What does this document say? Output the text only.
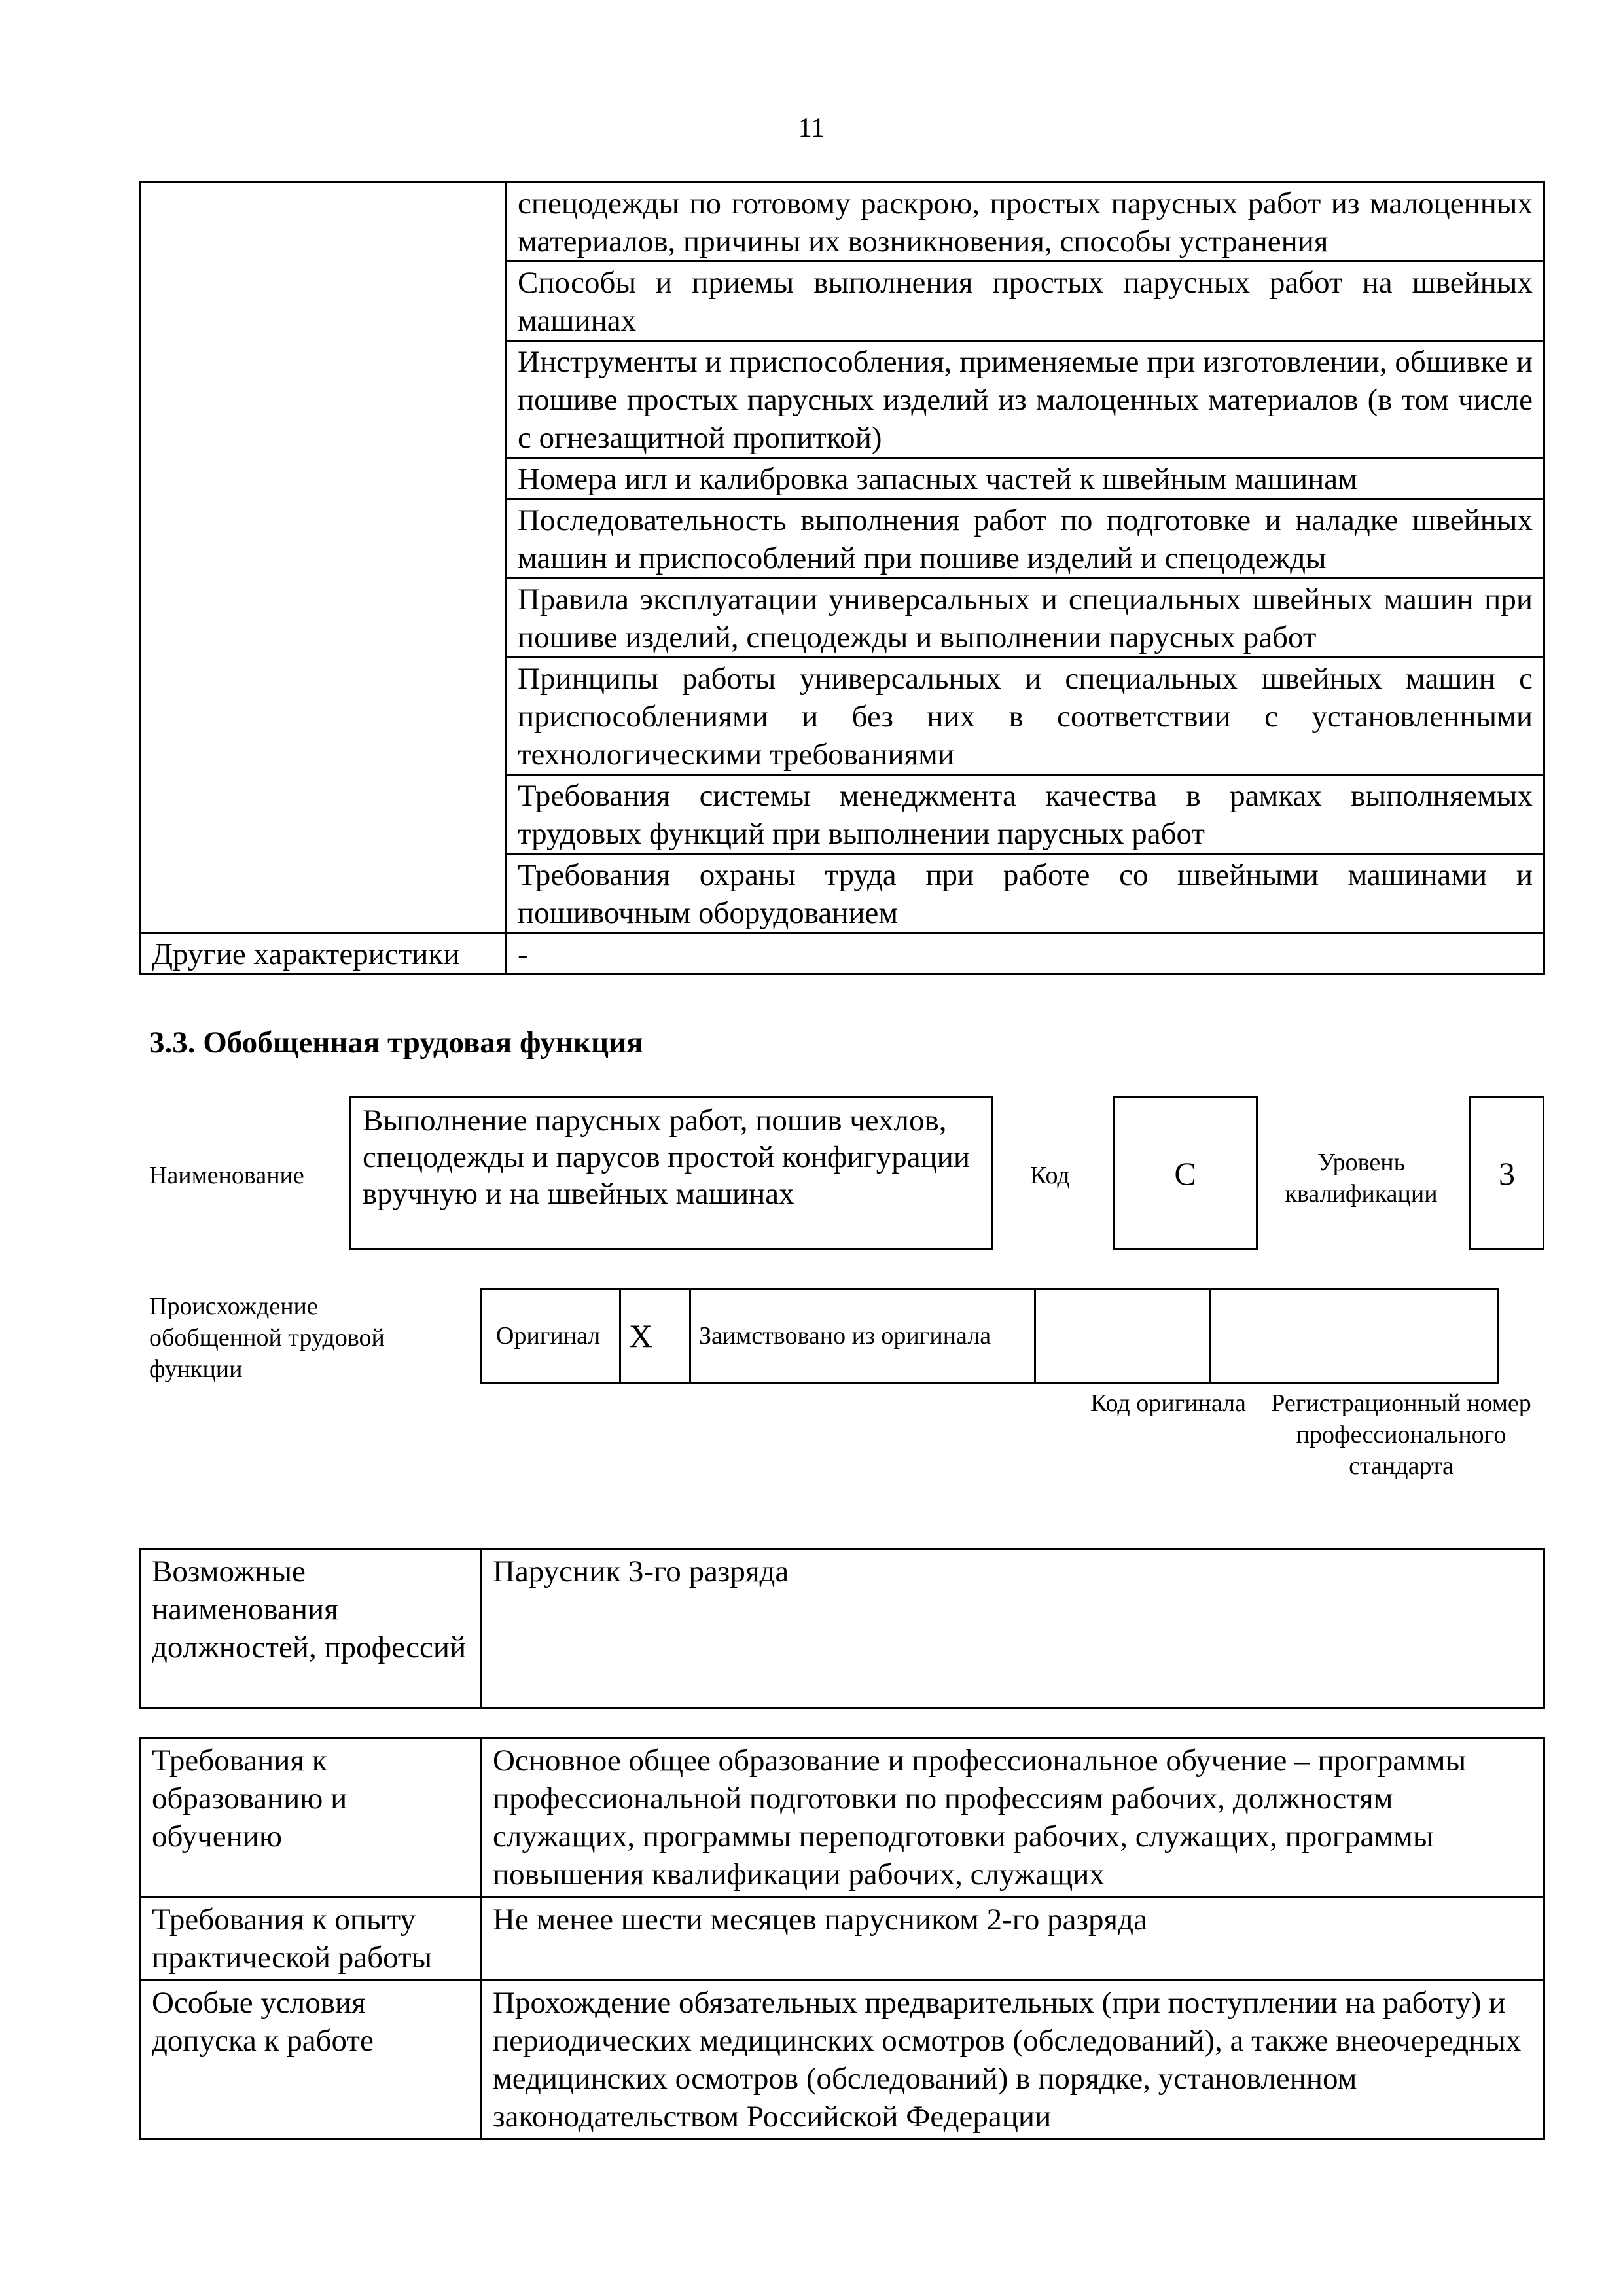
11
	спецодежды по готовому раскрою, простых парусных работ из малоценных материалов, причины их возникновения, способы устранения
	Способы и приемы выполнения простых парусных работ на швейных машинах
	Инструменты и приспособления, применяемые при изготовлении, обшивке и пошиве простых парусных изделий из малоценных материалов (в том числе с огнезащитной пропиткой)
	Номера игл и калибровка запасных частей к швейным машинам
	Последовательность выполнения работ по подготовке и наладке швейных машин и приспособлений при пошиве изделий и спецодежды
	Правила эксплуатации универсальных и специальных швейных машин при пошиве изделий, спецодежды и выполнении парусных работ
	Принципы работы универсальных и специальных швейных машин с приспособлениями и без них в соответствии с установленными технологическими требованиями
	Требования системы менеджмента качества в рамках выполняемых трудовых функций при выполнении парусных работ
	Требования охраны труда при работе со швейными машинами и пошивочным оборудованием
Другие характеристики	-
3.3. Обобщенная трудовая функция
Наименование
Выполнение парусных работ, пошив чехлов, спецодежды и парусов простой конфигурации вручную и на швейных машинах
Код	C	Уровень квалификации
3
Происхождение обобщенной трудовой функции
Оригинал	X	Заимствовано из оригинала		
Код оригинала	Регистрационный номер профессионального стандарта
Возможные наименования должностей, профессий	Парусник 3-го разряда
Требования к образованию и обучению	Основное общее образование и профессиональное обучение – программы профессиональной подготовки по профессиям рабочих, должностям служащих, программы переподготовки рабочих, служащих, программы повышения квалификации рабочих, служащих
Требования к опыту практической работы	Не менее шести месяцев парусником 2-го разряда
Особые условия допуска к работе	Прохождение обязательных предварительных (при поступлении на работу) и периодических медицинских осмотров (обследований), а также внеочередных медицинских осмотров (обследований) в порядке, установленном законодательством Российской Федерации
